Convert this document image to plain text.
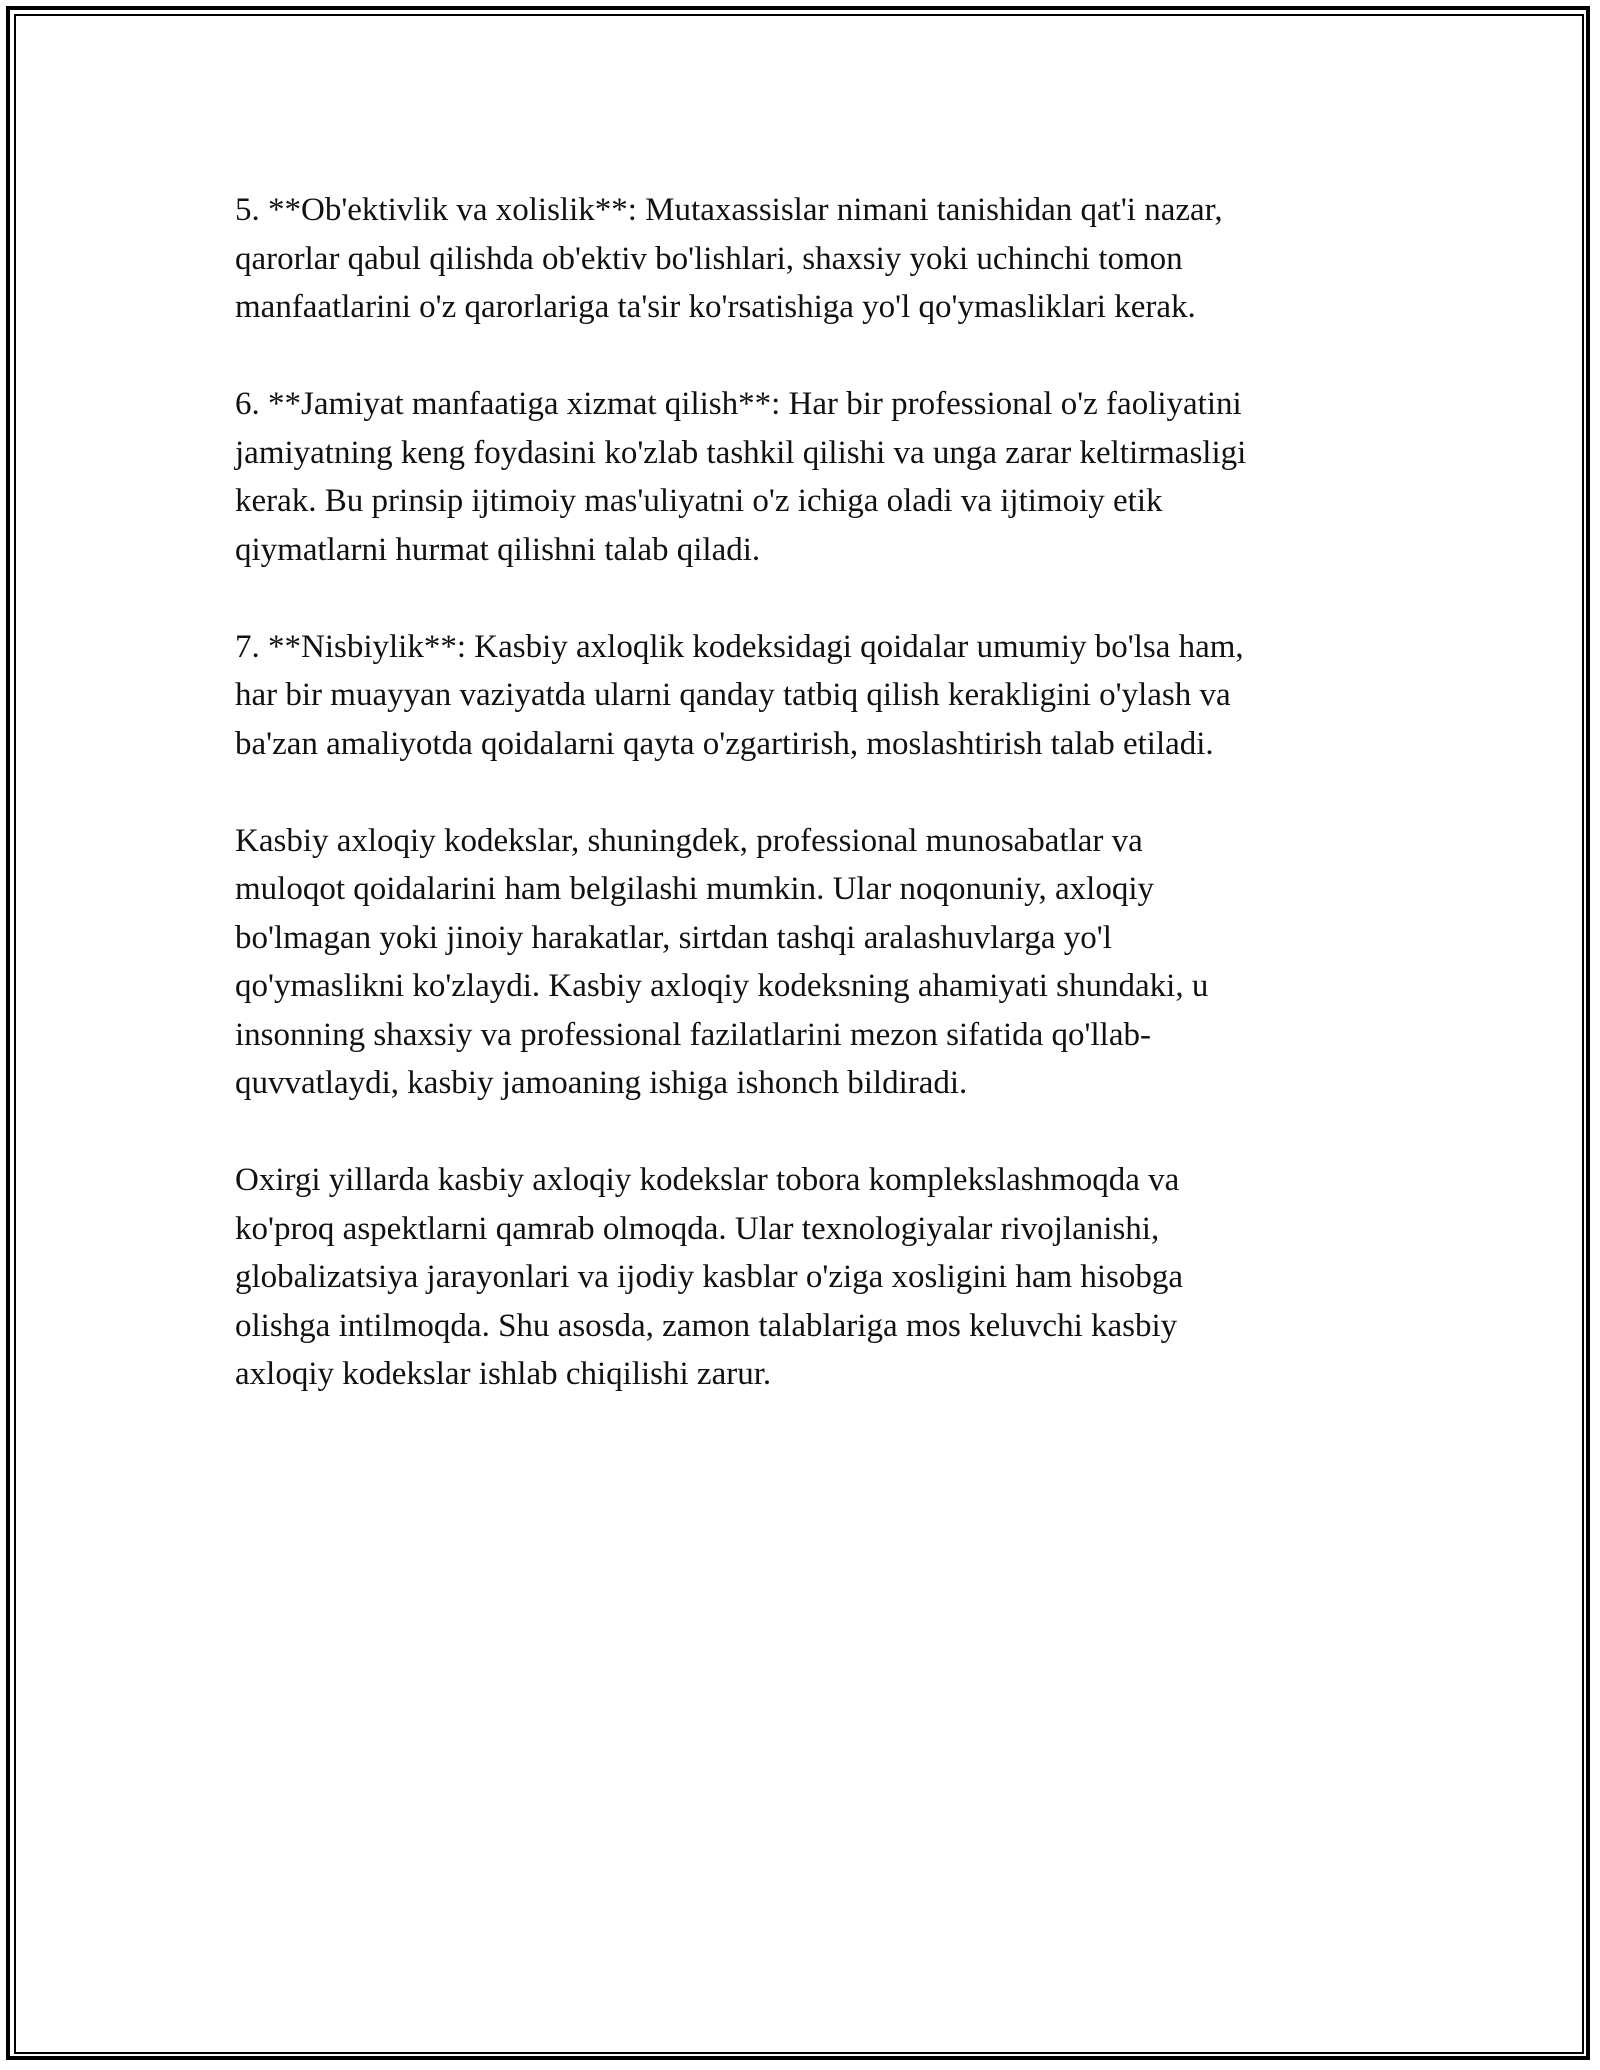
5. **Ob'ektivlik va xolislik**: Mutaxassislar nimani tanishidan qat'i nazar,
qarorlar qabul qilishda ob'ektiv bo'lishlari, shaxsiy yoki uchinchi tomon
manfaatlarini o'z qarorlariga ta'sir ko'rsatishiga yo'l qo'ymasliklari kerak.

6. **Jamiyat manfaatiga xizmat qilish**: Har bir professional o'z faoliyatini
jamiyatning keng foydasini ko'zlab tashkil qilishi va unga zarar keltirmasligi
kerak. Bu prinsip ijtimoiy mas'uliyatni o'z ichiga oladi va ijtimoiy etik
qiymatlarni hurmat qilishni talab qiladi.

7. **Nisbiylik**: Kasbiy axloqlik kodeksidagi qoidalar umumiy bo'lsa ham,
har bir muayyan vaziyatda ularni qanday tatbiq qilish kerakligini o'ylash va
ba'zan amaliyotda qoidalarni qayta o'zgartirish, moslashtirish talab etiladi.

Kasbiy axloqiy kodekslar, shuningdek, professional munosabatlar va
muloqot qoidalarini ham belgilashi mumkin. Ular noqonuniy, axloqiy
bo'lmagan yoki jinoiy harakatlar, sirtdan tashqi aralashuvlarga yo'l
qo'ymaslikni ko'zlaydi. Kasbiy axloqiy kodeksning ahamiyati shundaki, u
insonning shaxsiy va professional fazilatlarini mezon sifatida qo'llab-
quvvatlaydi, kasbiy jamoaning ishiga ishonch bildiradi.

Oxirgi yillarda kasbiy axloqiy kodekslar tobora komplekslashmoqda va
ko'proq aspektlarni qamrab olmoqda. Ular texnologiyalar rivojlanishi,
globalizatsiya jarayonlari va ijodiy kasblar o'ziga xosligini ham hisobga
olishga intilmoqda. Shu asosda, zamon talablariga mos keluvchi kasbiy
axloqiy kodekslar ishlab chiqilishi zarur.
